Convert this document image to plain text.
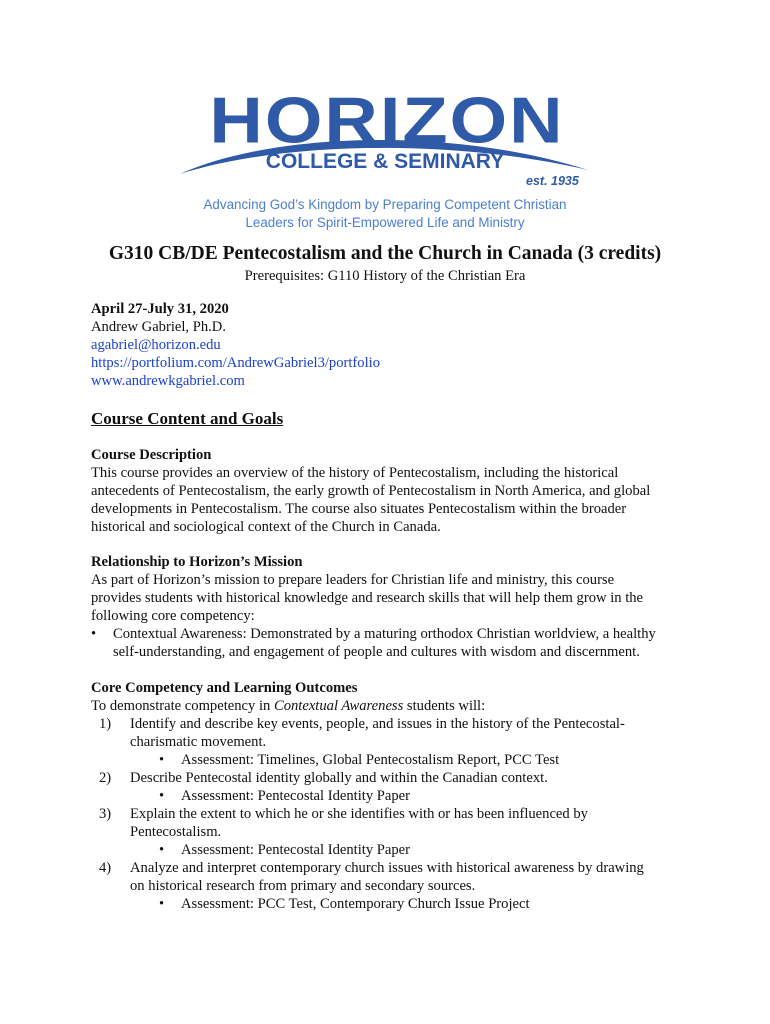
HORIZON
COLLEGE & SEMINARY
est. 1935
Advancing God’s Kingdom by Preparing Competent Christian
Leaders for Spirit-Empowered Life and Ministry
G310 CB/DE Pentecostalism and the Church in Canada (3 credits)
Prerequisites: G110 History of the Christian Era
April 27-July 31, 2020
Andrew Gabriel, Ph.D.
agabriel@horizon.edu
https://portfolium.com/AndrewGabriel3/portfolio
www.andrewkgabriel.com
Course Content and Goals

Course Description

This course provides an overview of the history of Pentecostalism, including the historical

antecedents of Pentecostalism, the early growth of Pentecostalism in North America, and global

developments in Pentecostalism. The course also situates Pentecostalism within the broader

historical and sociological context of the Church in Canada.

Relationship to Horizon’s Mission

As part of Horizon’s mission to prepare leaders for Christian life and ministry, this course

provides students with historical knowledge and research skills that will help them grow in the

following core competency:

• Contextual Awareness: Demonstrated by a maturing orthodox Christian worldview, a healthy
self-understanding, and engagement of people and cultures with wisdom and discernment.

Core Competency and Learning Outcomes

To demonstrate competency in Contextual Awareness students will:

1) Identify and describe key events, people, and issues in the history of the Pentecostal-
charismatic movement.
• Assessment: Timelines, Global Pentecostalism Report, PCC Test
2) Describe Pentecostal identity globally and within the Canadian context.
• Assessment: Pentecostal Identity Paper
3) Explain the extent to which he or she identifies with or has been influenced by
Pentecostalism.
• Assessment: Pentecostal Identity Paper
4) Analyze and interpret contemporary church issues with historical awareness by drawing
on historical research from primary and secondary sources.
• Assessment: PCC Test, Contemporary Church Issue Project
